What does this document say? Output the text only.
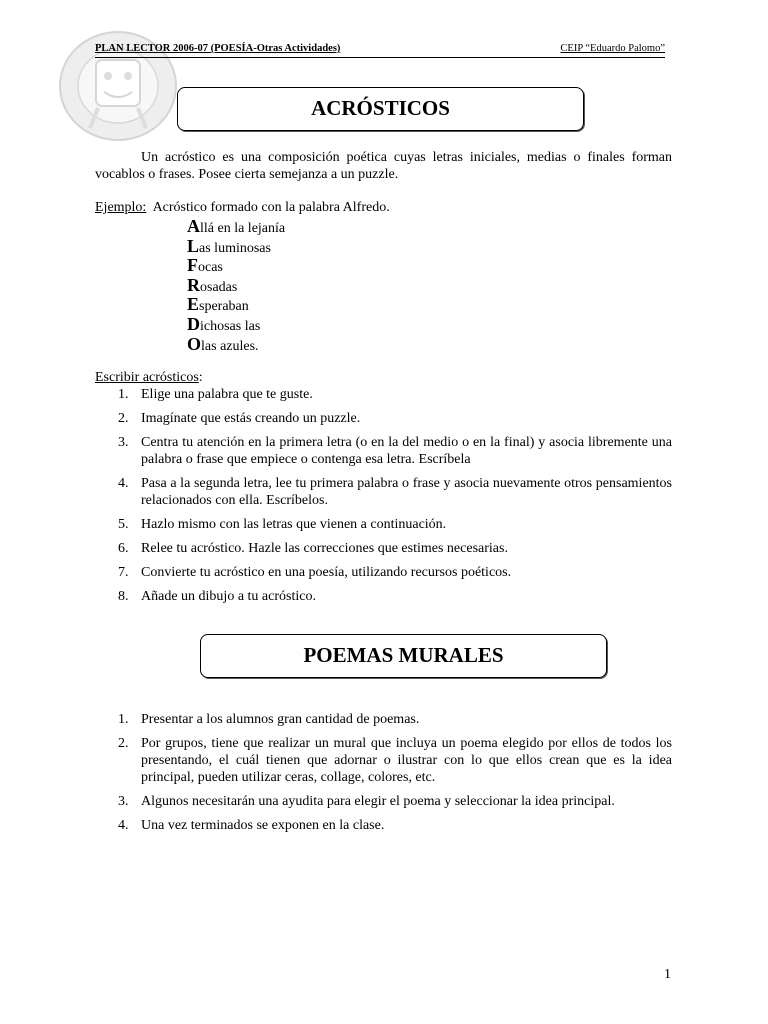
PLAN LECTOR 2006-07 (POESÍA-Otras Actividades)	CEIP “Eduardo Palomo”
ACRÓSTICOS

Un acróstico es una composición poética cuyas letras iniciales, medias o finales forman vocablos o frases. Posee cierta semejanza a un puzzle.

Ejemplo: Acróstico formado con la palabra Alfredo.
Allá en la lejanía
Las luminosas
Focas
Rosadas
Esperaban
Dichosas las
Olas azules.
Escribir acrósticos:
1. Elige una palabra que te guste.
2. Imagínate que estás creando un puzzle.
3. Centra tu atención en la primera letra (o en la del medio o en la final) y asocia libremente una palabra o frase que empiece o contenga esa letra. Escríbela
4. Pasa a la segunda letra, lee tu primera palabra o frase y asocia nuevamente otros pensamientos relacionados con ella. Escríbelos.
5. Hazlo mismo con las letras que vienen a continuación.
6. Relee tu acróstico. Hazle las correcciones que estimes necesarias.
7. Convierte tu acróstico en una poesía, utilizando recursos poéticos.
8. Añade un dibujo a tu acróstico.
POEMAS MURALES
1. Presentar a los alumnos gran cantidad de poemas.
2. Por grupos, tiene que realizar un mural que incluya un poema elegido por ellos de todos los presentando, el cuál tienen que adornar o ilustrar con lo que ellos crean que es la idea principal, pueden utilizar ceras, collage, colores, etc.
3. Algunos necesitarán una ayudita para elegir el poema y seleccionar la idea principal.
4. Una vez terminados se exponen en la clase.
1
